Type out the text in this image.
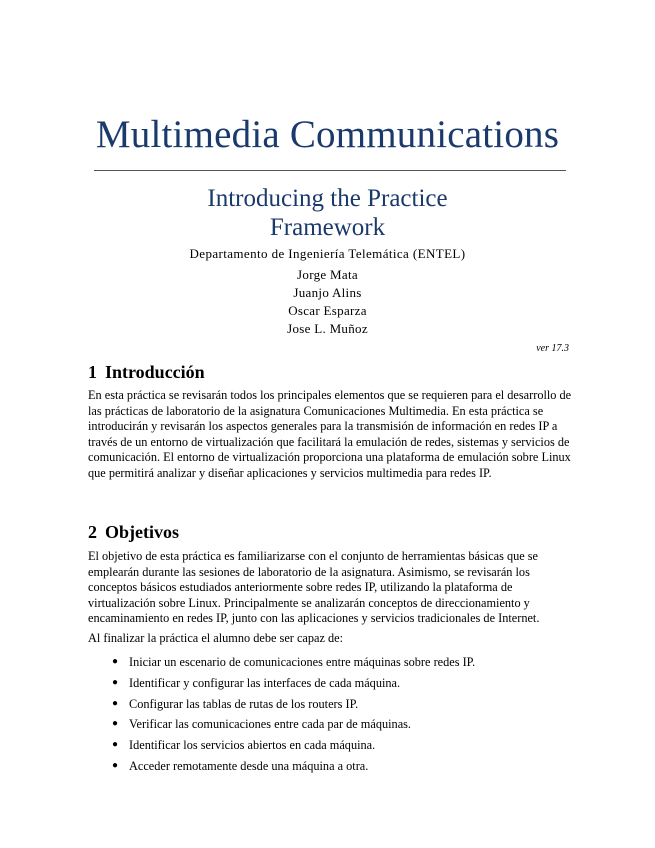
Multimedia Communications
Introducing the Practice
Framework
Departamento de Ingeniería Telemática (ENTEL)
Jorge Mata
Juanjo Alins
Oscar Esparza
Jose L. Muñoz
ver 17.3
1 Introducción

En esta práctica se revisarán todos los principales elementos que se requieren para el desarrollo de las prácticas de laboratorio de la asignatura Comunicaciones Multimedia. En esta práctica se introducirán y revisarán los aspectos generales para la transmisión de información en redes IP a través de un entorno de virtualización que facilitará la emulación de redes, sistemas y servicios de comunicación. El entorno de virtualización proporciona una plataforma de emulación sobre Linux que permitirá analizar y diseñar aplicaciones y servicios multimedia para redes IP.

2 Objetivos

El objetivo de esta práctica es familiarizarse con el conjunto de herramientas básicas que se emplearán durante las sesiones de laboratorio de la asignatura. Asimismo, se revisarán los conceptos básicos estudiados anteriormente sobre redes IP, utilizando la plataforma de virtualización sobre Linux. Principalmente se analizarán conceptos de direccionamiento y encaminamiento en redes IP, junto con las aplicaciones y servicios tradicionales de Internet.

Al finalizar la práctica el alumno debe ser capaz de:

● Iniciar un escenario de comunicaciones entre máquinas sobre redes IP.
● Identificar y configurar las interfaces de cada máquina.
● Configurar las tablas de rutas de los routers IP.
● Verificar las comunicaciones entre cada par de máquinas.
● Identificar los servicios abiertos en cada máquina.
● Acceder remotamente desde una máquina a otra.
